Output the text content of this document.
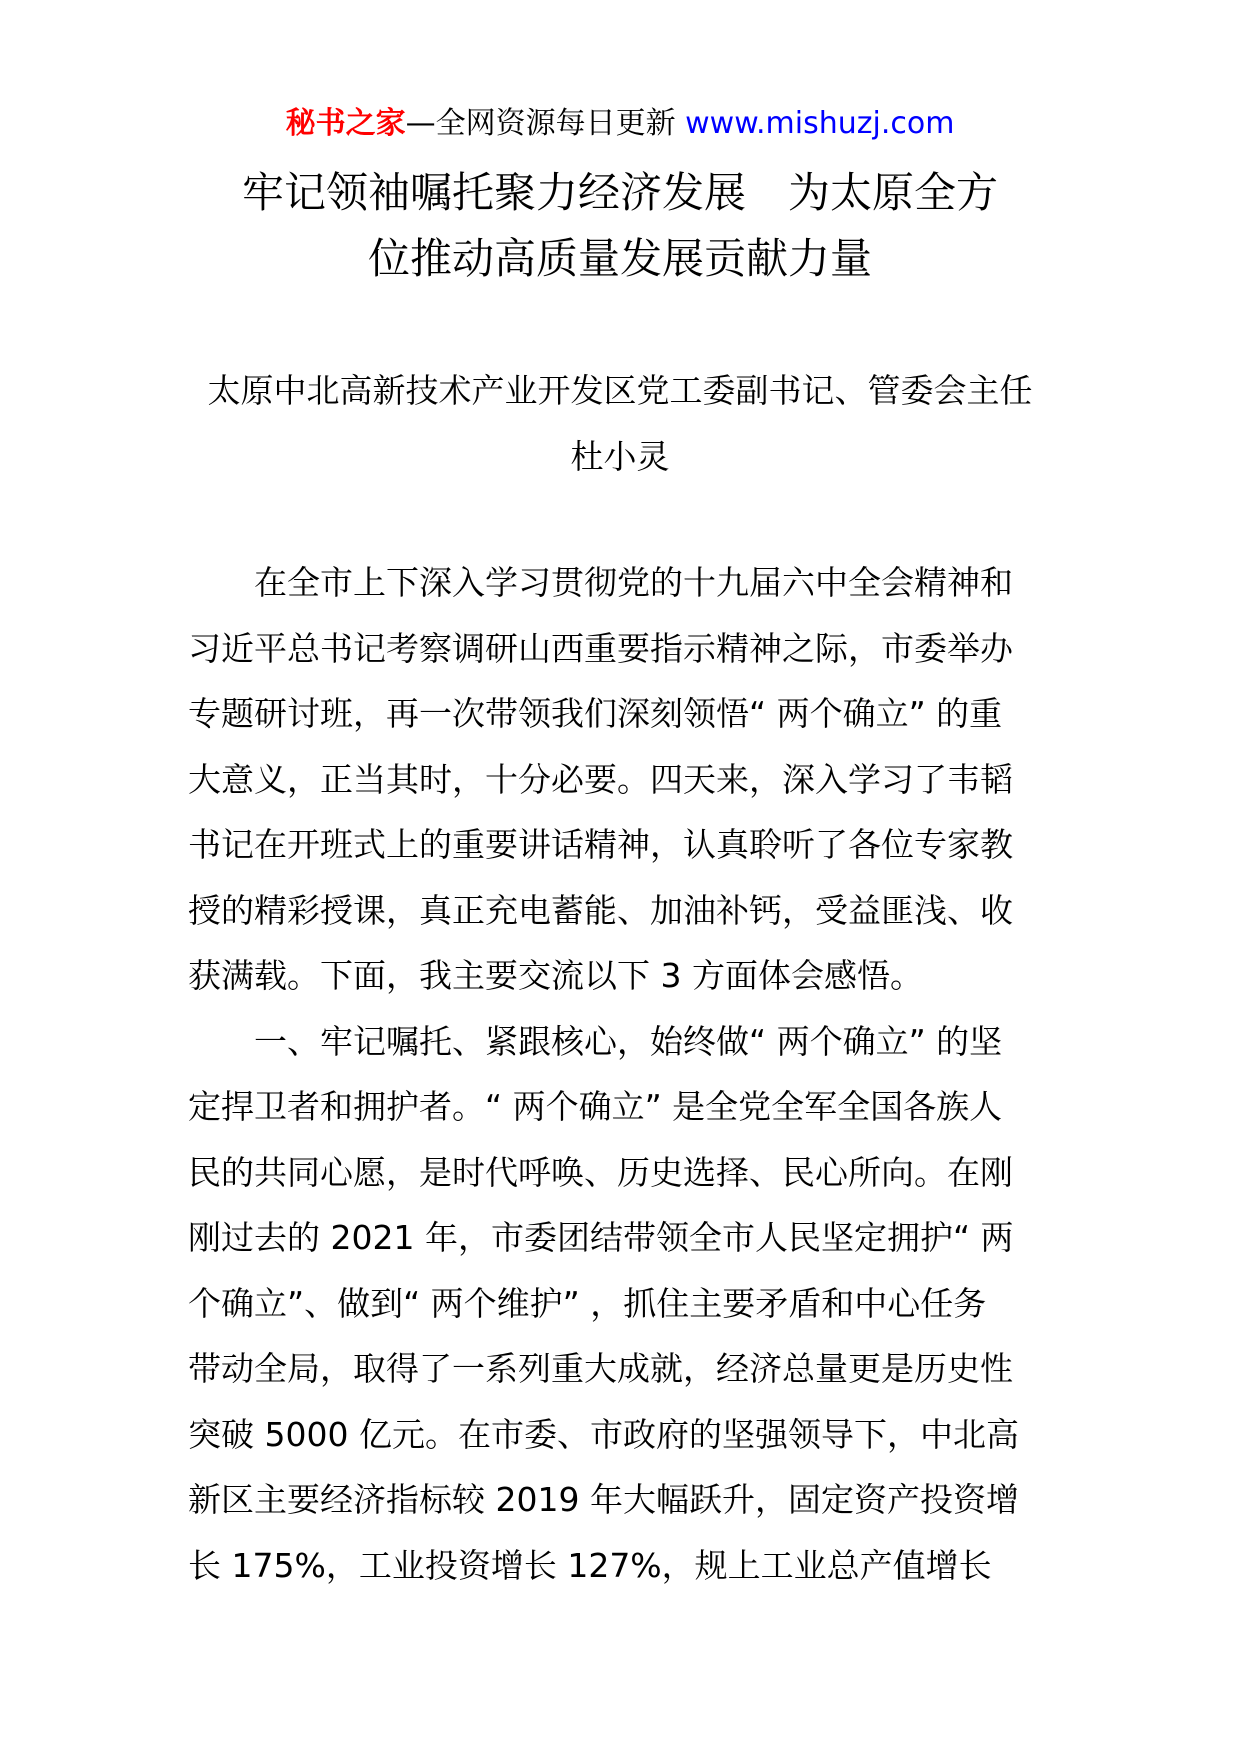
秘书之家—全网资源每日更新 www.mishuzj.com
牢记领袖嘱托聚力经济发展　为太原全方
位推动高质量发展贡献力量
太原中北高新技术产业开发区党工委副书记、管委会主任
杜小灵
在全市上下深入学习贯彻党的十九届六中全会精神和
习近平总书记考察调研山西重要指示精神之际，市委举办
专题研讨班，再一次带领我们深刻领悟“ 两个确立” 的重
大意义，正当其时，十分必要。四天来，深入学习了韦韬
书记在开班式上的重要讲话精神，认真聆听了各位专家教
授的精彩授课，真正充电蓄能、加油补钙，受益匪浅、收
获满载。下面，我主要交流以下 3 方面体会感悟。
一、牢记嘱托、紧跟核心，始终做“ 两个确立” 的坚
定捍卫者和拥护者。“ 两个确立” 是全党全军全国各族人
民的共同心愿，是时代呼唤、历史选择、民心所向。在刚
刚过去的 2021 年，市委团结带领全市人民坚定拥护“ 两
个确立”、做到“ 两个维护” ，抓住主要矛盾和中心任务
带动全局，取得了一系列重大成就，经济总量更是历史性
突破 5000 亿元。在市委、市政府的坚强领导下，中北高
新区主要经济指标较 2019 年大幅跃升，固定资产投资增
长 175%，工业投资增长 127%，规上工业总产值增长
